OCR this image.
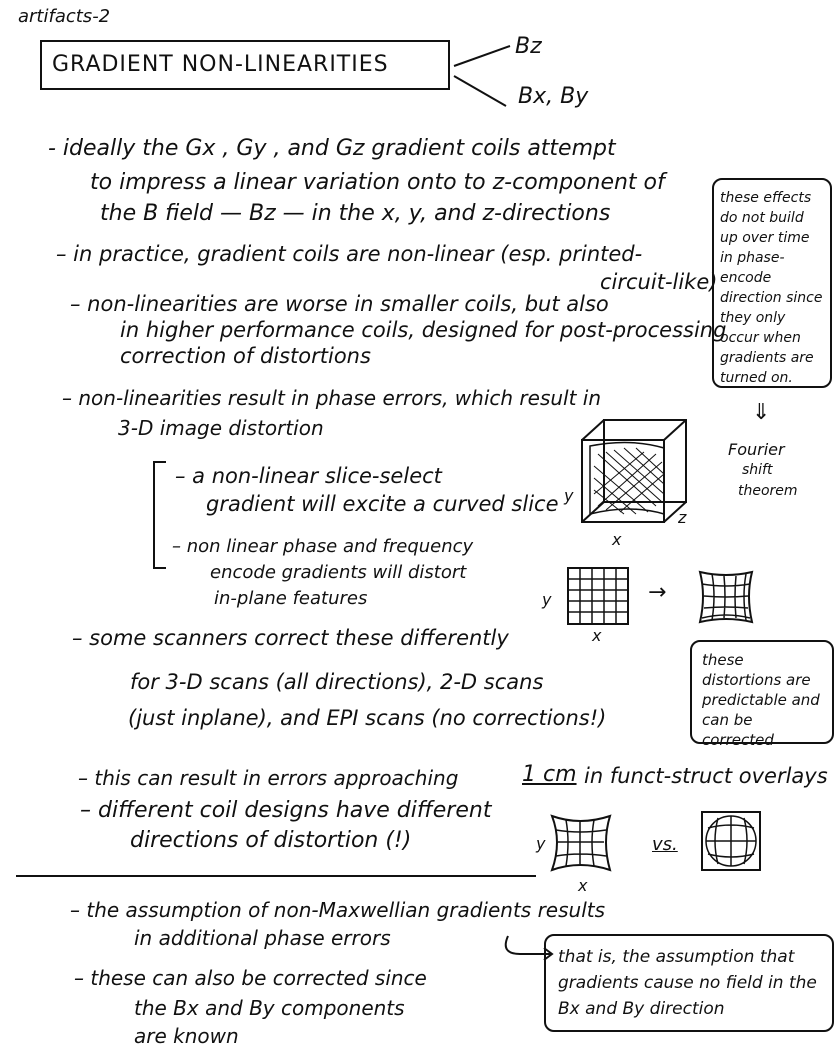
artifacts-2
GRADIENT NON-LINEARITIES
Bz
Bx, By
- ideally the Gx , Gy , and Gz gradient coils attempt
to impress a linear variation onto to z-component of
the B field — Bz — in the x, y, and z-directions
– in practice, gradient coils are non-linear (esp. printed-
circuit-like)
– non-linearities are worse in smaller coils, but also
in higher performance coils, designed for post-processing
correction of distortions
these effects do not build up over time in phase-encode direction since they only occur when gradients are turned on.
⇓
Fourier
shift
theorem
– non-linearities result in phase errors, which result in
3-D image distortion
– a non-linear slice-select
gradient will excite a curved slice
– non linear phase and frequency
encode gradients will distort
in-plane features
y
z
x
y
x
→
– some scanners correct these differently
for 3-D scans (all directions), 2-D scans
(just inplane), and EPI scans (no corrections!)
these distortions are predictable and can be corrected
– this can result in errors approaching	1 cm in funct-struct overlays
– different coil designs have different
directions of distortion (!)	y
x
vs.
– the assumption of non-Maxwellian gradients results
in additional phase errors
– these can also be corrected since
the Bx and By components
are known
that is, the assumption that gradients cause no field in the Bx and By direction
